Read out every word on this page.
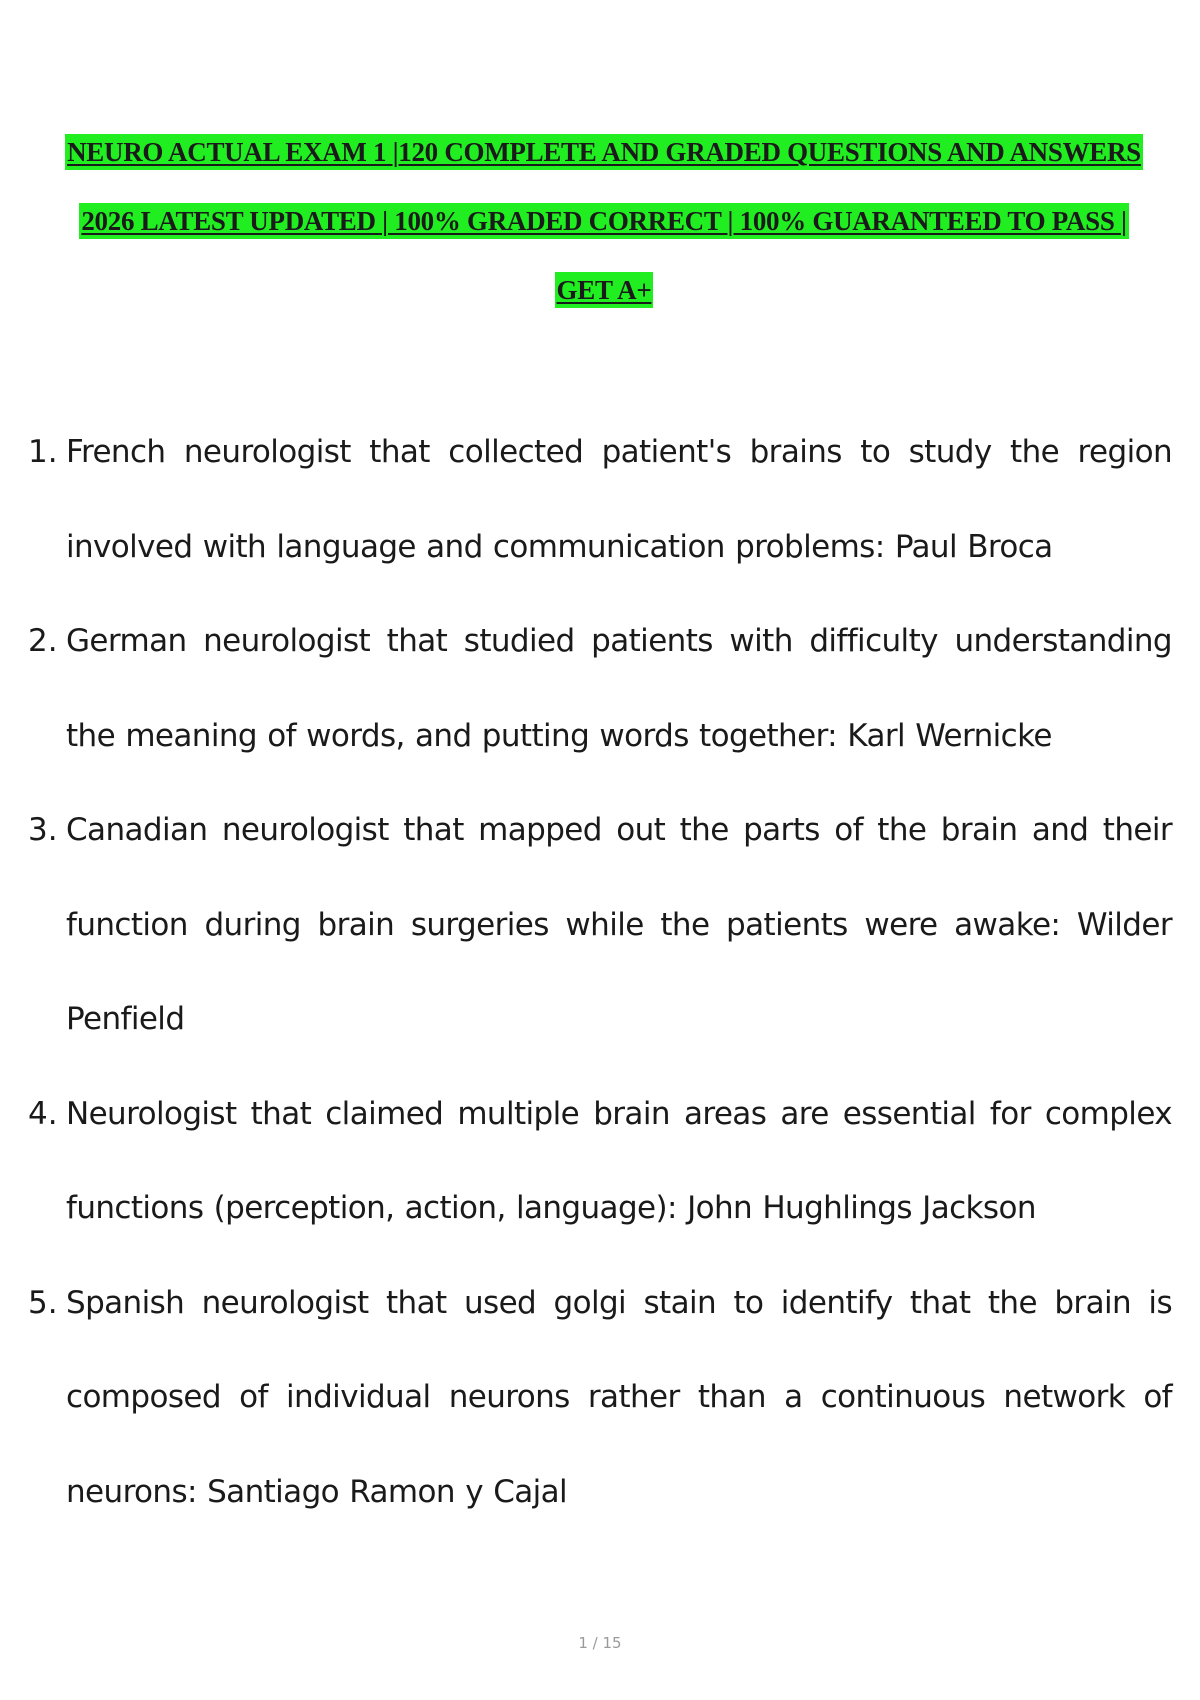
NEURO ACTUAL EXAM 1 |120 COMPLETE AND GRADED QUESTIONS AND ANSWERS
2026 LATEST UPDATED | 100% GRADED CORRECT | 100% GUARANTEED TO PASS |
GET A+
1. French neurologist that collected patient's brains to study the region involved with language and communication problems: Paul Broca
2. German neurologist that studied patients with difficulty understanding the meaning of words, and putting words together: Karl Wernicke
3. Canadian neurologist that mapped out the parts of the brain and their function during brain surgeries while the patients were awake: Wilder Penfield
4. Neurologist that claimed multiple brain areas are essential for complex functions (perception, action, language): John Hughlings Jackson
5. Spanish neurologist that used golgi stain to identify that the brain is composed of individual neurons rather than a continuous network of neurons: Santiago Ramon y Cajal
1 / 15
